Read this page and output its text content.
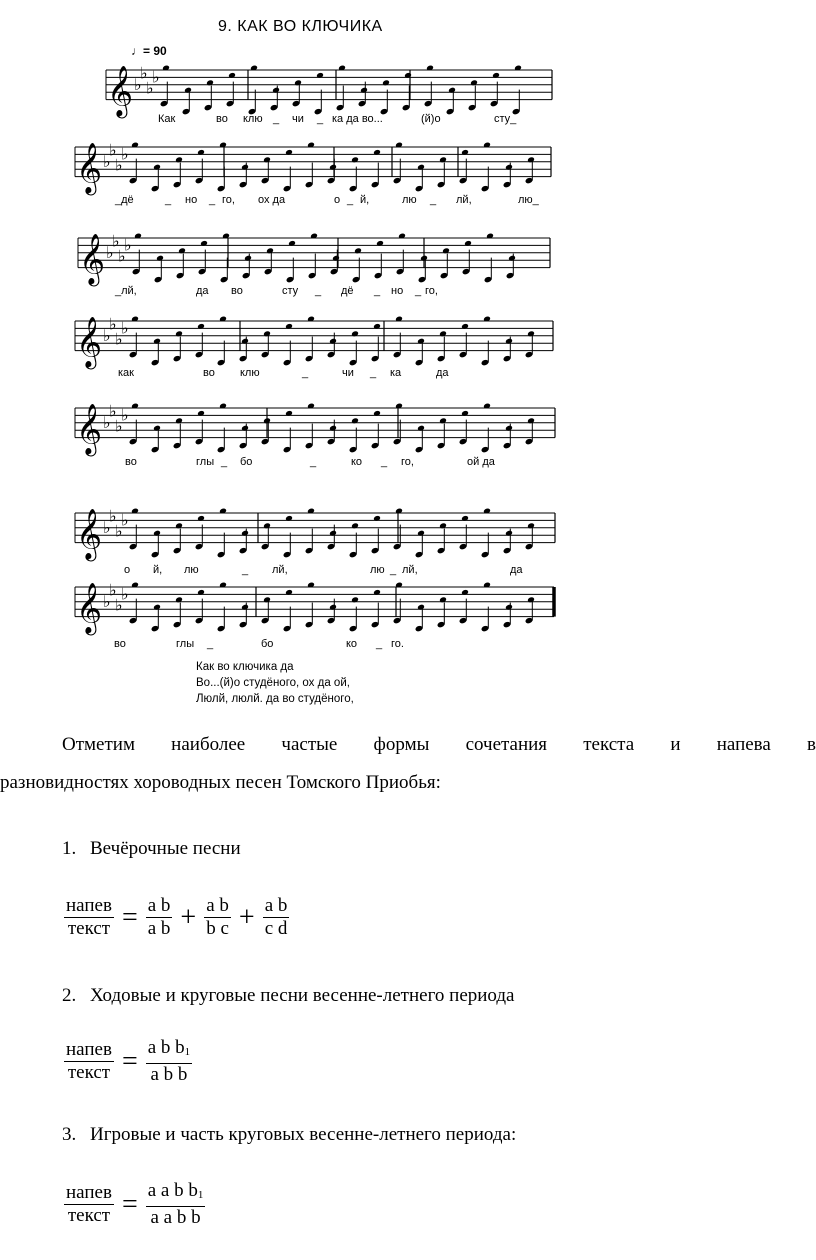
9. КАК ВО КЛЮЧИКА
♩= 90
𝄞 ♭
♭
♭
♭
𝄞 ♭
♭
♭
♭
𝄞 ♭
♭
♭
♭
𝄞 ♭
♭
♭
♭
𝄞 ♭
♭
♭
♭
𝄞 ♭
♭
♭
♭
𝄞 ♭
♭
♭
♭
Как	во клю _ чи _ ка да во...	(й)о	сту_
_дё	_ но _ го, ох да	о _ й,	лю _ лй,	лю_
_лй,	да во	сту _ дё _ но _ го,
как	во клю	_	чи _ ка	да
во	глы _ бо	_	ко _ го,	ой да
о й, лю	_ лй,	лю _ лй,	да
во	глы _	бо	ко _ го.
Как во ключика да
Во...(й)о студёного, ох да ой,
Люлй, люлй. да во студёного,
Отметим наиболее частые формы сочетания текста и напева в
разновидностях хороводных песен Томского Приобья:
1. Вечёрочные песни
$\frac{\text{напев}}{\text{текст}} = \frac{\text{a b}}{\text{a b}} + \frac{\text{a b}}{\text{b c}} + \frac{\text{a b}}{\text{c d}}$
2. Ходовые и круговые песни весенне-летнего периода
$\frac{\text{напев}}{\text{текст}} = \frac{a b b_1}{\text{a b b}}$
3. Игровые и часть круговых весенне-летнего периода:
$\frac{\text{напев}}{\text{текст}} = \frac{a a b b_1}{\text{a a b b}}$
